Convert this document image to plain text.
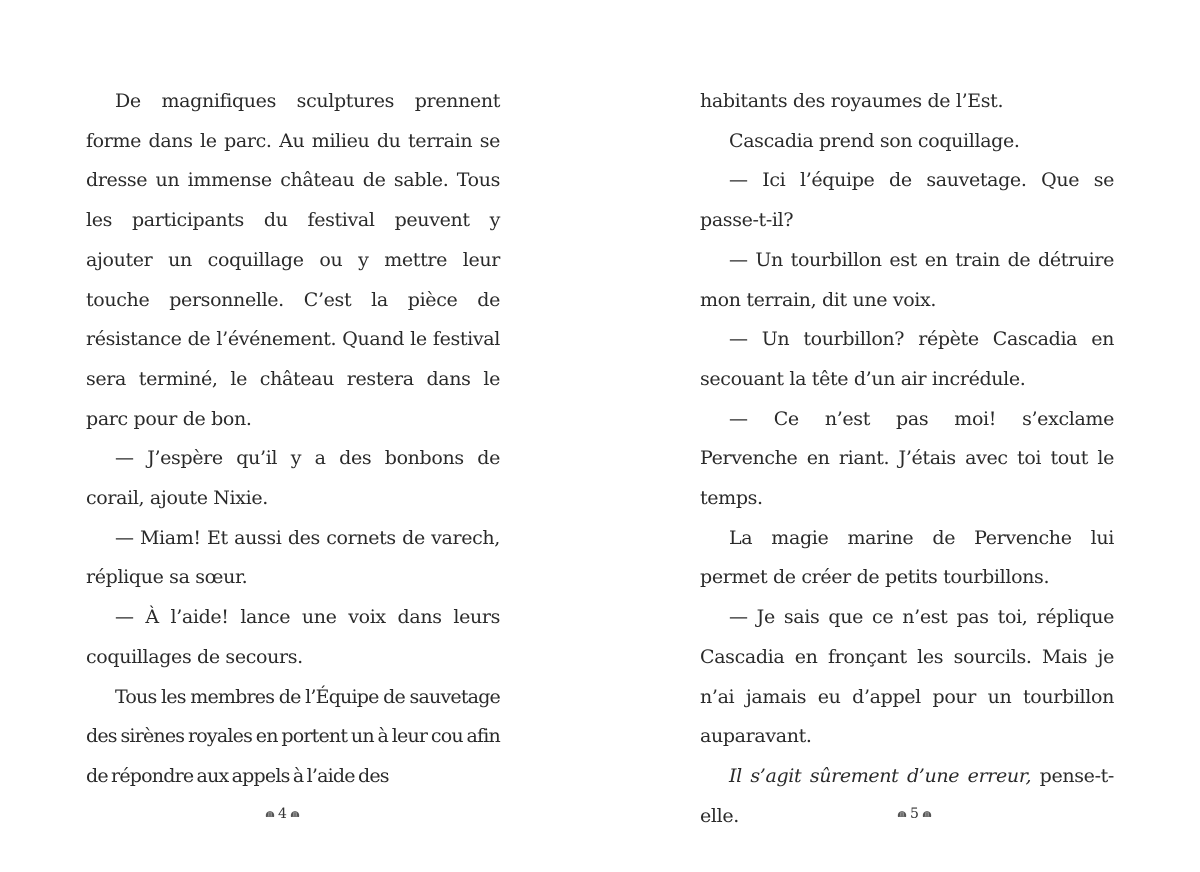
De magnifiques sculptures prennent forme dans le parc. Au milieu du terrain se dresse un immense château de sable. Tous les participants du festival peuvent y ajouter un coquillage ou y mettre leur touche personnelle. C’est la pièce de résistance de l’événement. Quand le festival sera terminé, le château restera dans le parc pour de bon.

— J’espère qu’il y a des bonbons de corail, ajoute Nixie.

— Miam! Et aussi des cornets de varech, réplique sa sœur.

— À l’aide! lance une voix dans leurs coquillages de secours.

Tous les membres de l’Équipe de sauvetage des sirènes royales en portent un à leur cou afin de répondre aux appels à l’aide des

4

habitants des royaumes de l’Est.

Cascadia prend son coquillage.

— Ici l’équipe de sauvetage. Que se passe-t-il?

— Un tourbillon est en train de détruire mon terrain, dit une voix.

— Un tourbillon? répète Cascadia en secouant la tête d’un air incrédule.

— Ce n’est pas moi! s’exclame Pervenche en riant. J’étais avec toi tout le temps.

La magie marine de Pervenche lui permet de créer de petits tourbillons.

— Je sais que ce n’est pas toi, réplique Cascadia en fronçant les sourcils. Mais je n’ai jamais eu d’appel pour un tourbillon auparavant.

Il s’agit sûrement d’une erreur, pense-t-elle.	5
